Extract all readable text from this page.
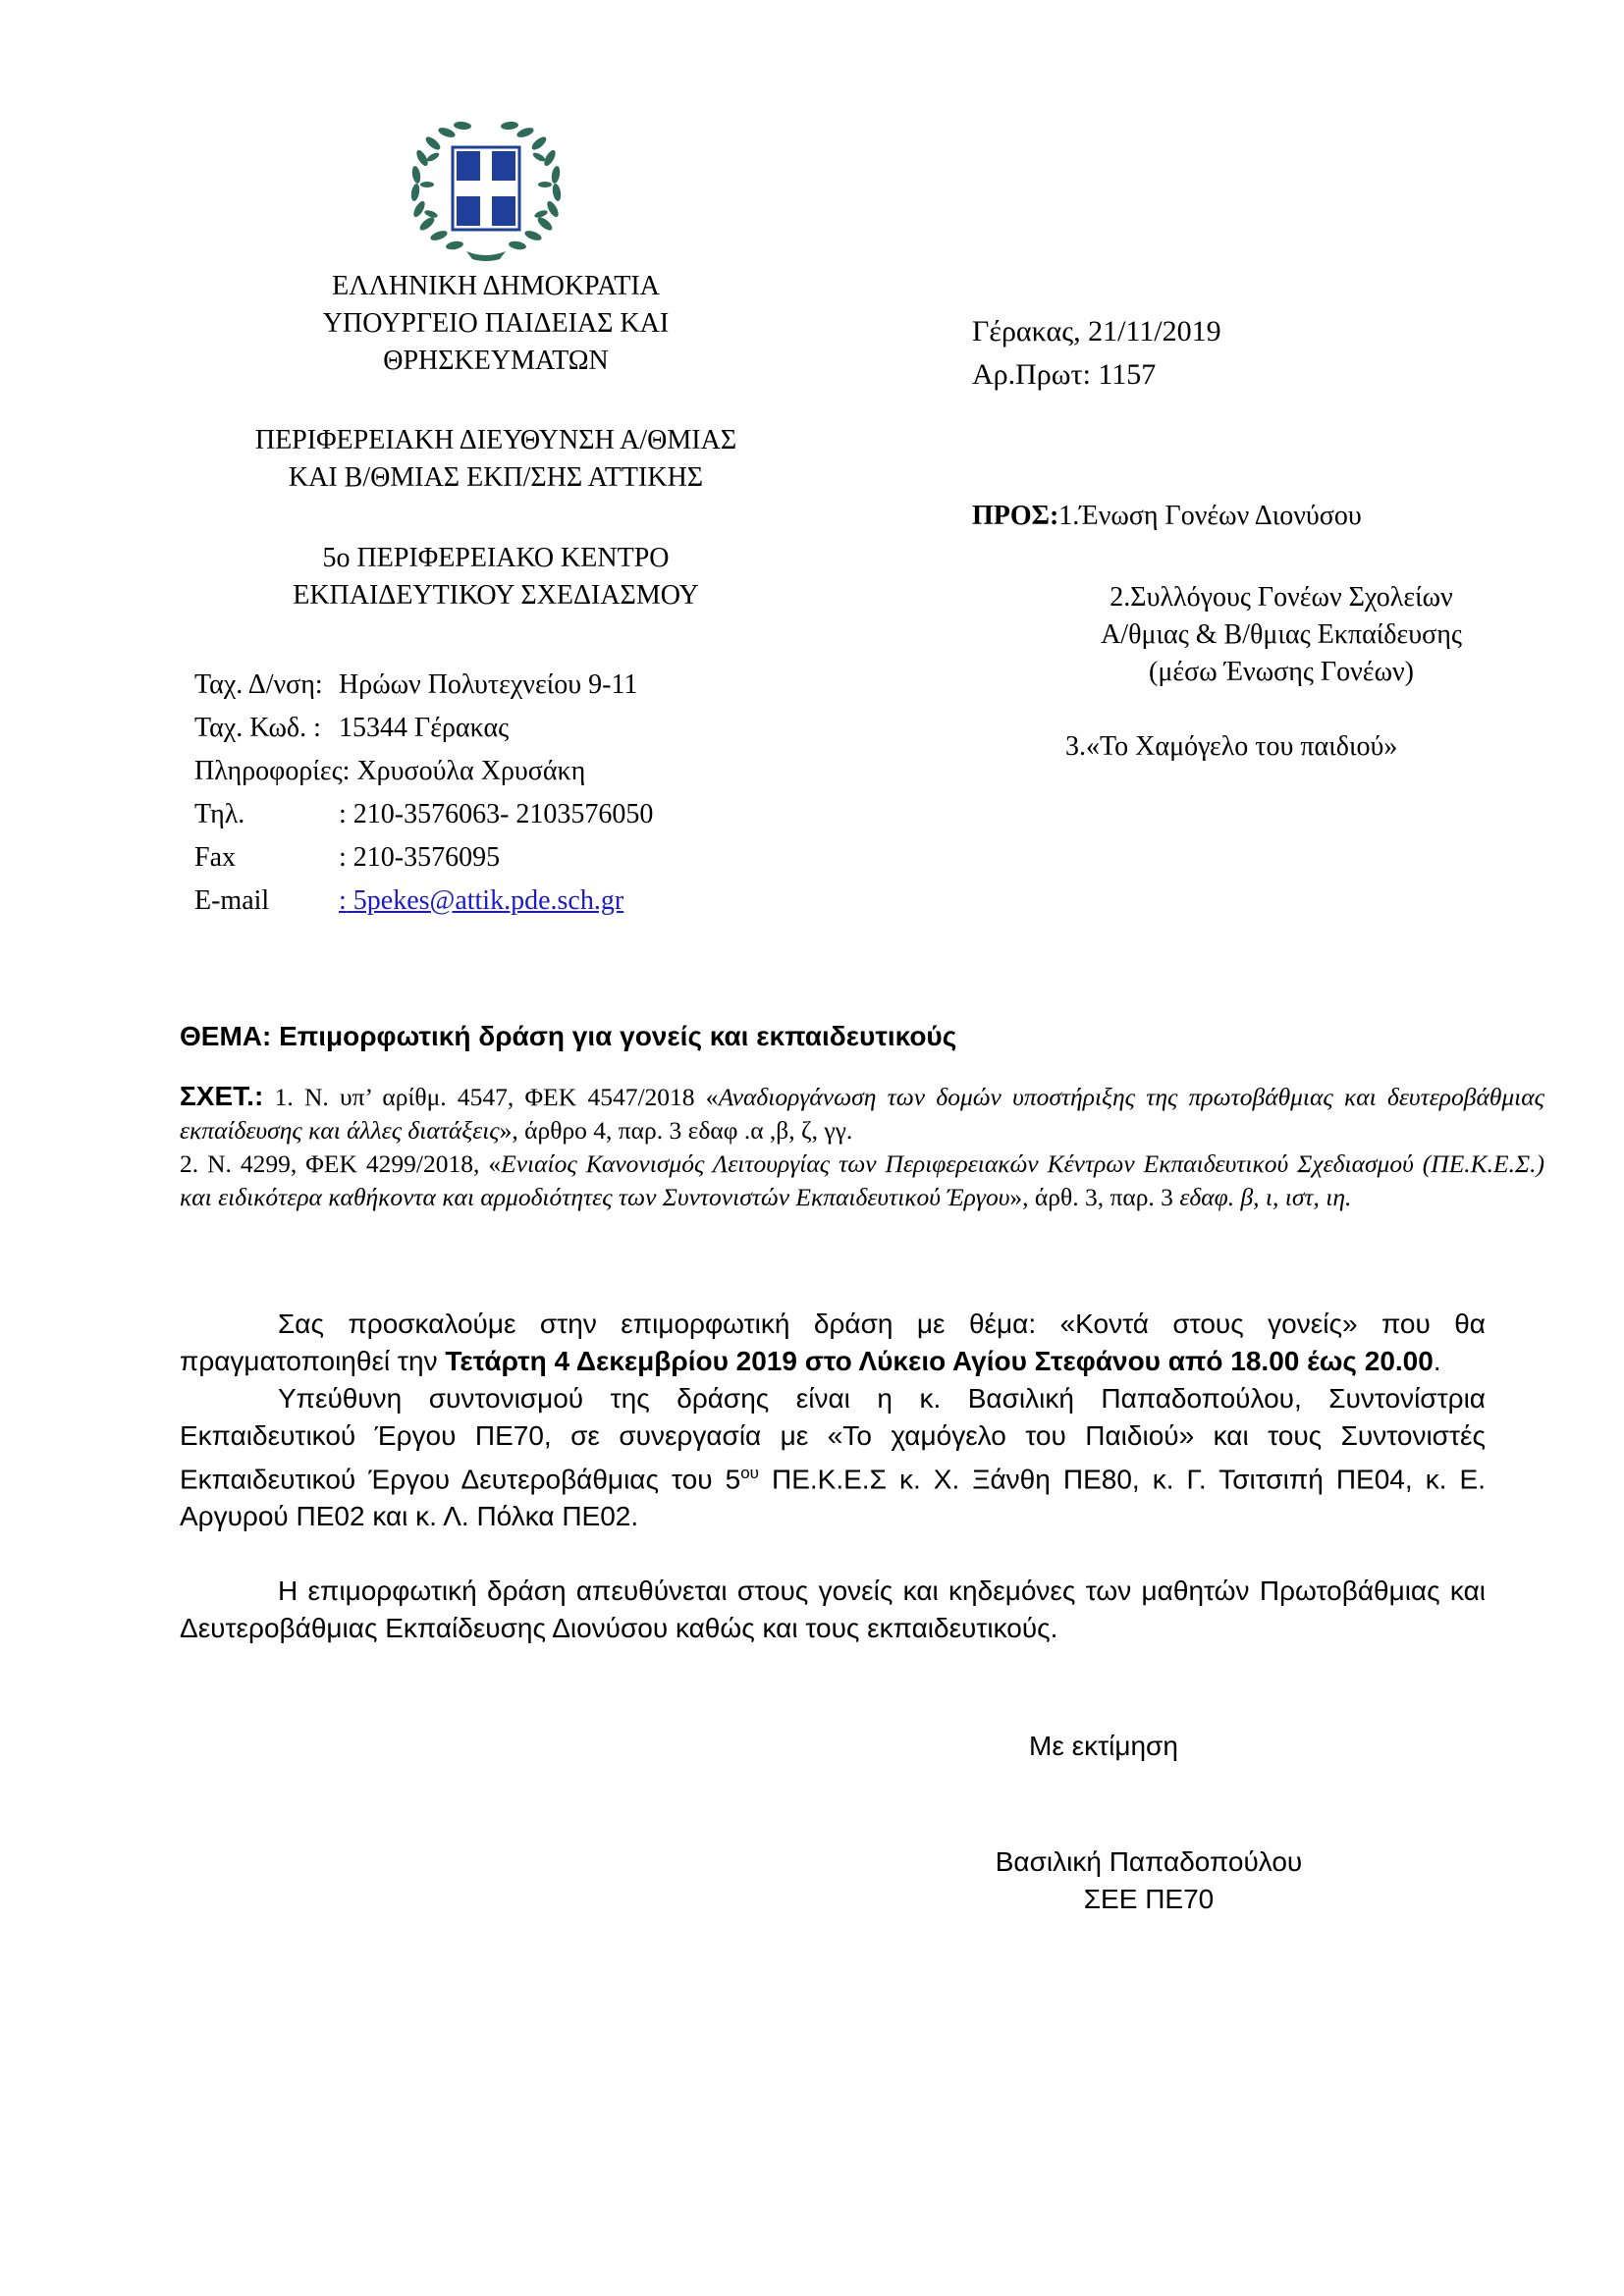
ΕΛΛΗΝΙΚΗ ΔΗΜΟΚΡΑΤΙΑ
ΥΠΟΥΡΓΕΙΟ ΠΑΙΔΕΙΑΣ ΚΑΙ
ΘΡΗΣΚΕΥΜΑΤΩΝ
ΠΕΡΙΦΕΡΕΙΑΚΗ ΔΙΕΥΘΥΝΣΗ Α/ΘΜΙΑΣ
ΚΑΙ Β/ΘΜΙΑΣ ΕΚΠ/ΣΗΣ ΑΤΤΙΚΗΣ
5ο ΠΕΡΙΦΕΡΕΙΑΚΟ ΚΕΝΤΡΟ
ΕΚΠΑΙΔΕΥΤΙΚΟΥ ΣΧΕΔΙΑΣΜΟΥ
Ταχ. Δ/νση: Ηρώων Πολυτεχνείου 9-11
Ταχ. Κωδ. : 15344 Γέρακας
Πληροφορίες: Χρυσούλα Χρυσάκη
Τηλ.	: 210-3576063- 2103576050
Fax	: 210-3576095
E-mail	: 5pekes@attik.pde.sch.gr
Γέρακας, 21/11/2019
Αρ.Πρωτ: 1157
ΠΡΟΣ:1.Ένωση Γονέων Διονύσου
2.Συλλόγους Γονέων Σχολείων
Α/θμιας & Β/θμιας Εκπαίδευσης
(μέσω Ένωσης Γονέων)
3.«Το Χαμόγελο του παιδιού»
ΘΕΜΑ: Επιμορφωτική δράση για γονείς και εκπαιδευτικούς
ΣΧΕΤ.: 1. Ν. υπ’ αρίθμ. 4547, ΦΕΚ 4547/2018 «Αναδιοργάνωση των δομών υποστήριξης της πρωτοβάθμιας και δευτεροβάθμιας εκπαίδευσης και άλλες διατάξεις», άρθρο 4, παρ. 3 εδαφ .α ,β, ζ, γγ.
2. Ν. 4299, ΦΕΚ 4299/2018, «Ενιαίος Κανονισμός Λειτουργίας των Περιφερειακών Κέντρων Εκπαιδευτικού Σχεδιασμού (ΠΕ.Κ.Ε.Σ.) και ειδικότερα καθήκοντα και αρμοδιότητες των Συντονιστών Εκπαιδευτικού Έργου», άρθ. 3, παρ. 3 εδαφ. β, ι, ιστ, ιη.

Σας προσκαλούμε στην επιμορφωτική δράση με θέμα: «Κοντά στους γονείς» που θα πραγματοποιηθεί την Τετάρτη 4 Δεκεμβρίου 2019 στο Λύκειο Αγίου Στεφάνου από 18.00 έως 20.00.

Υπεύθυνη συντονισμού της δράσης είναι η κ. Βασιλική Παπαδοπούλου, Συντονίστρια Εκπαιδευτικού Έργου ΠΕ70, σε συνεργασία με «Το χαμόγελο του Παιδιού» και τους Συντονιστές Εκπαιδευτικού Έργου Δευτεροβάθμιας του $5^{o\upsilon}$ ΠΕ.Κ.Ε.Σ κ. Χ. Ξάνθη ΠΕ80, κ. Γ. Τσιτσιπή ΠΕ04, κ. Ε. Αργυρού ΠΕ02 και κ. Λ. Πόλκα ΠΕ02.

Η επιμορφωτική δράση απευθύνεται στους γονείς και κηδεμόνες των μαθητών Πρωτοβάθμιας και Δευτεροβάθμιας Εκπαίδευσης Διονύσου καθώς και τους εκπαιδευτικούς.

Με εκτίμηση
Βασιλική Παπαδοπούλου
ΣΕΕ ΠΕ70
